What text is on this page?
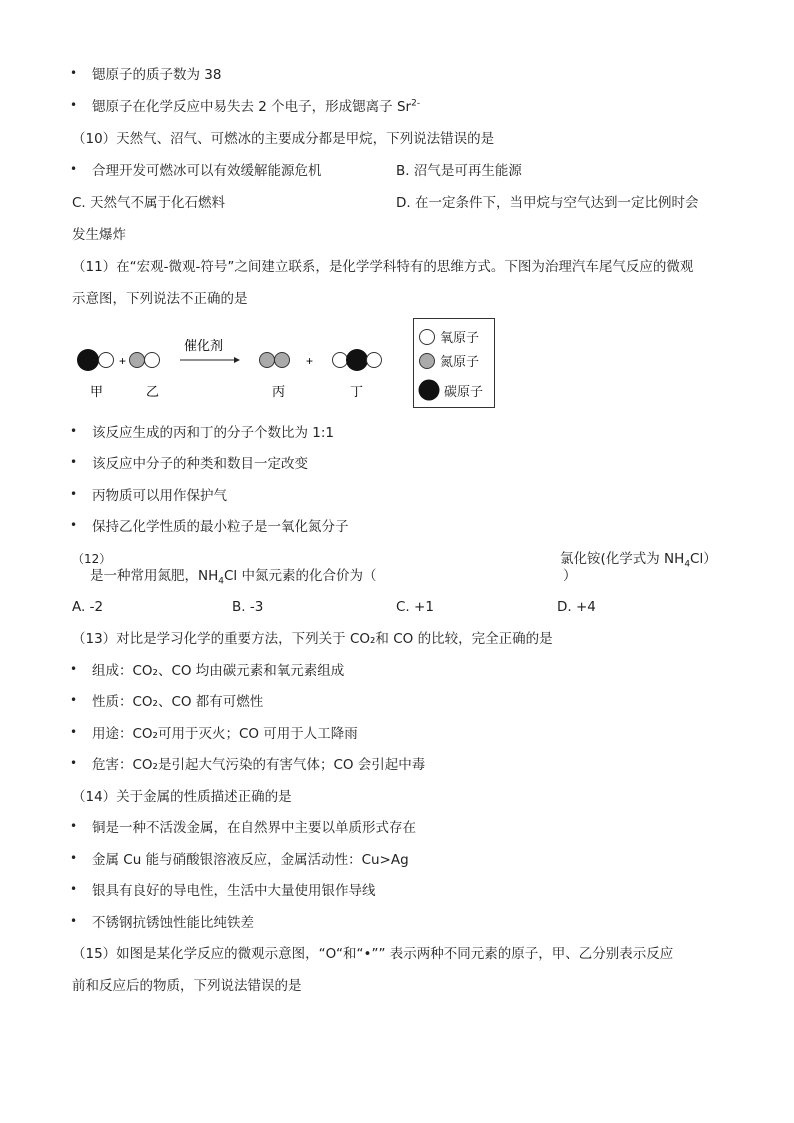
• 锶原子的质子数为 38
• 锶原子在化学反应中易失去 2 个电子，形成锶离子 $Sr^{2-}$
（10）天然气、沼气、可燃冰的主要成分都是甲烷，下列说法错误的是
• 合理开发可燃冰可以有效缓解能源危机	B. 沼气是可再生能源
C. 天然气不属于化石燃料	D. 在一定条件下，当甲烷与空气达到一定比例时会
发生爆炸
（11）在“宏观-微观-符号”之间建立联系，是化学学科特有的思维方式。下图为治理汽车尾气反应的微观
示意图，下列说法不正确的是
+
催化剂
+
甲	乙	丙	丁
氧原子
氮原子
碳原子
• 该反应生成的丙和丁的分子个数比为 1:1
• 该反应中分子的种类和数目一定改变
• 丙物质可以用作保护气
• 保持乙化学性质的最小粒子是一氧化氮分子
（12）	氯化铵(化学式为 $NH_4Cl$）
是一种常用氮肥，$NH_4Cl$ 中氮元素的化合价为（	）
A. -2	B. -3	C. +1	D. +4
（13）对比是学习化学的重要方法，下列关于 CO₂和 CO 的比较，完全正确的是
• 组成：CO₂、CO 均由碳元素和氧元素组成
• 性质：CO₂、CO 都有可燃性
• 用途：CO₂可用于灭火；CO 可用于人工降雨
• 危害：CO₂是引起大气污染的有害气体；CO 会引起中毒
（14）关于金属的性质描述正确的是
• 铜是一种不活泼金属，在自然界中主要以单质形式存在
• 金属 Cu 能与硝酸银溶液反应，金属活动性：Cu>Ag
• 银具有良好的导电性，生活中大量使用银作导线
• 不锈钢抗锈蚀性能比纯铁差
（15）如图是某化学反应的微观示意图，“O“和“•”” 表示两种不同元素的原子，甲、乙分别表示反应
前和反应后的物质，下列说法错误的是
